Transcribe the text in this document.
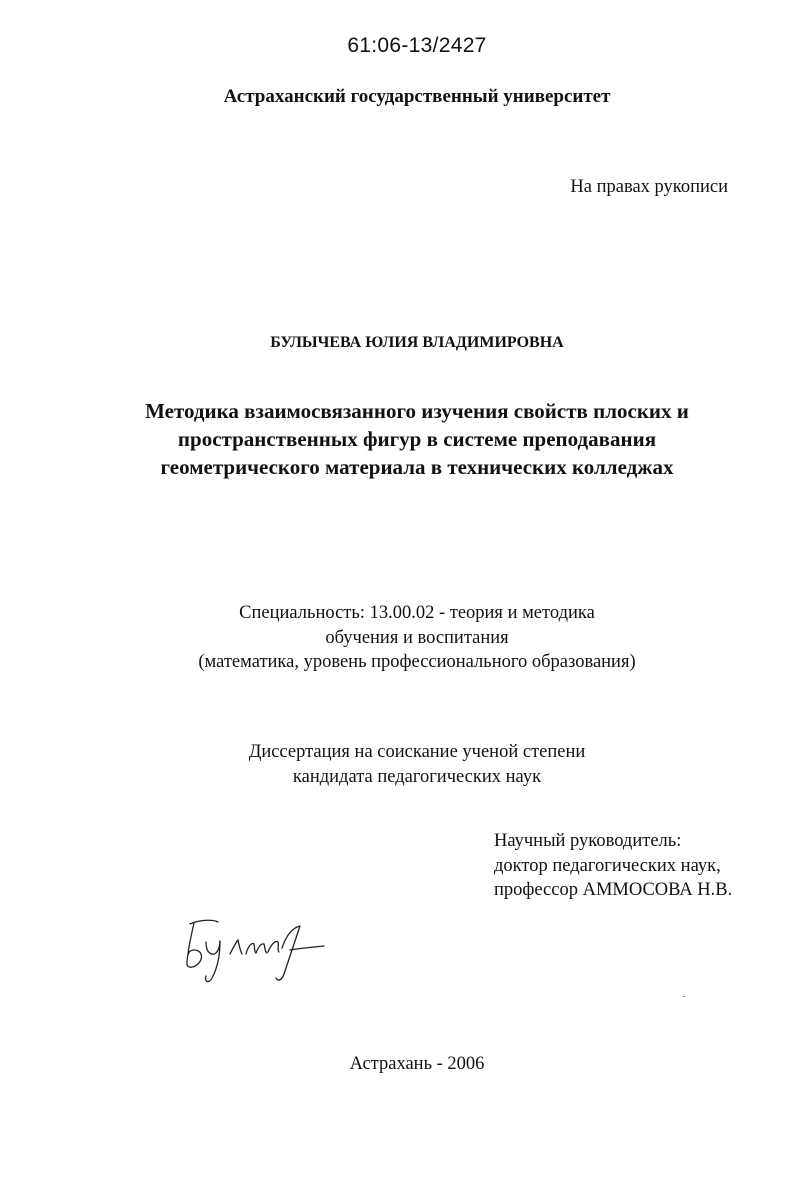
61:06-13/2427

Астраханский государственный университет

На правах рукописи

БУЛЫЧЕВА ЮЛИЯ ВЛАДИМИРОВНА

Методика взаимосвязанного изучения свойств плоских и
пространственных фигур в системе преподавания
геометрического материала в технических колледжах
Специальность: 13.00.02 - теория и методика
обучения и воспитания
(математика, уровень профессионального образования)
Диссертация на соискание ученой степени
кандидата педагогических наук
Научный руководитель:
доктор педагогических наук,
профессор АММОСОВА Н.В.

Астрахань - 2006
